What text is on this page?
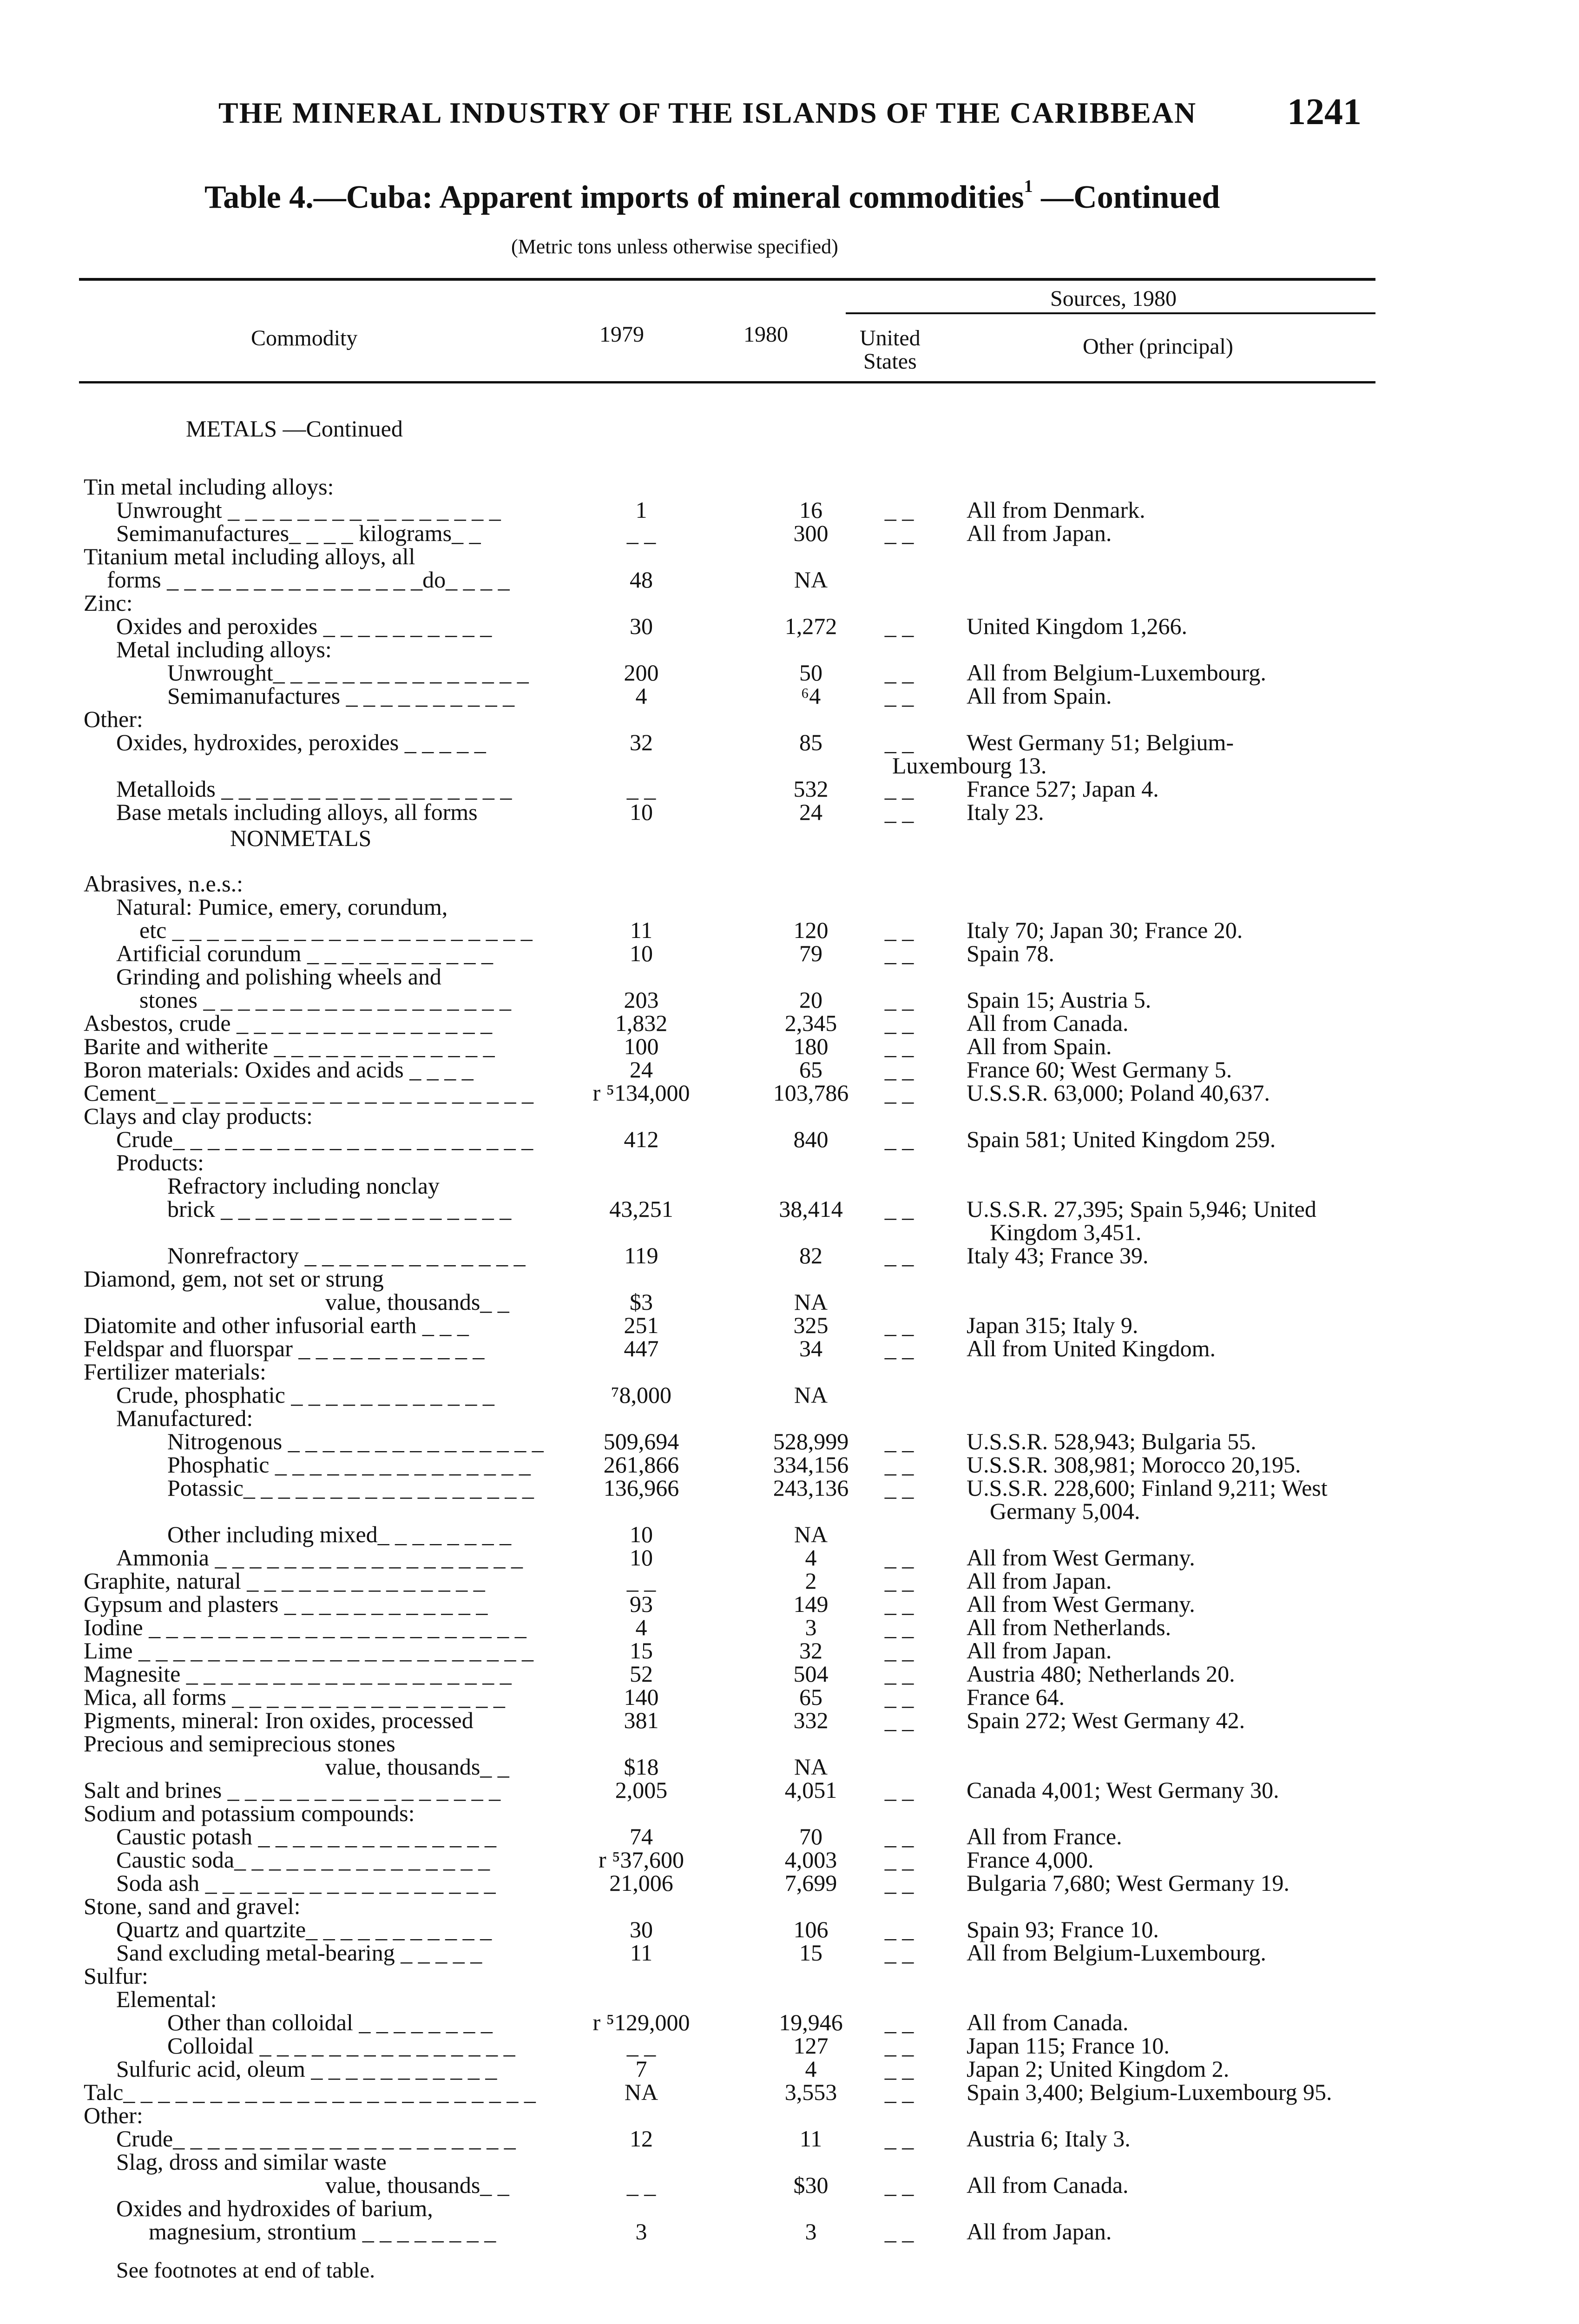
THE MINERAL INDUSTRY OF THE ISLANDS OF THE CARIBBEAN 1241
Table 4.—Cuba: Apparent imports of mineral commodities$^1$ —Continued
(Metric tons unless otherwise specified)
Commodity	1979	1980
Sources, 1980
United
States
Other (principal)
METALS —Continued
NONMETALS
Tin metal including alloys:
Unwrought _ _ _ _ _ _ _ _ _ _ _ _ _ _ _ _	1	16	_ _	All from Denmark.
Semimanufactures_ _ _ _ kilograms_ _	_ _	300	_ _	All from Japan.
Titanium metal including alloys, all
forms _ _ _ _ _ _ _ _ _ _ _ _ _ _ _do_ _ _ _	48	NA
Zinc:
Oxides and peroxides _ _ _ _ _ _ _ _ _ _	30	1,272	_ _	United Kingdom 1,266.
Metal including alloys:
Unwrought_ _ _ _ _ _ _ _ _ _ _ _ _ _ _	200	50	_ _	All from Belgium-Luxembourg.
Semimanufactures _ _ _ _ _ _ _ _ _ _	4	⁶4	_ _	All from Spain.
Other:
Oxides, hydroxides, peroxides _ _ _ _ _	32	85	_ _	West Germany 51; Belgium-
Luxembourg 13.
Metalloids _ _ _ _ _ _ _ _ _ _ _ _ _ _ _ _ _	_ _	532	_ _	France 527; Japan 4.
Base metals including alloys, all forms	10	24	_ _	Italy 23.
Abrasives, n.e.s.:
Natural: Pumice, emery, corundum,
etc _ _ _ _ _ _ _ _ _ _ _ _ _ _ _ _ _ _ _ _ _	11	120	_ _	Italy 70; Japan 30; France 20.
Artificial corundum _ _ _ _ _ _ _ _ _ _ _	10	79	_ _	Spain 78.
Grinding and polishing wheels and
stones _ _ _ _ _ _ _ _ _ _ _ _ _ _ _ _ _ _	203	20	_ _	Spain 15; Austria 5.
Asbestos, crude _ _ _ _ _ _ _ _ _ _ _ _ _ _ _	1,832	2,345	_ _	All from Canada.
Barite and witherite _ _ _ _ _ _ _ _ _ _ _ _ _	100	180	_ _	All from Spain.
Boron materials: Oxides and acids _ _ _ _	24	65	_ _	France 60; West Germany 5.
Cement_ _ _ _ _ _ _ _ _ _ _ _ _ _ _ _ _ _ _ _ _ _	r ⁵134,000	103,786	_ _	U.S.S.R. 63,000; Poland 40,637.
Clays and clay products:
Crude_ _ _ _ _ _ _ _ _ _ _ _ _ _ _ _ _ _ _ _ _	412	840	_ _	Spain 581; United Kingdom 259.
Products:
Refractory including nonclay
brick _ _ _ _ _ _ _ _ _ _ _ _ _ _ _ _ _	43,251	38,414	_ _	U.S.S.R. 27,395; Spain 5,946; United
Kingdom 3,451.
Nonrefractory _ _ _ _ _ _ _ _ _ _ _ _ _	119	82	_ _	Italy 43; France 39.
Diamond, gem, not set or strung
value, thousands_ _	$3	NA
Diatomite and other infusorial earth _ _ _	251	325	_ _	Japan 315; Italy 9.
Feldspar and fluorspar _ _ _ _ _ _ _ _ _ _ _	447	34	_ _	All from United Kingdom.
Fertilizer materials:
Crude, phosphatic _ _ _ _ _ _ _ _ _ _ _ _	⁷8,000	NA
Manufactured:
Nitrogenous _ _ _ _ _ _ _ _ _ _ _ _ _ _ _	509,694	528,999	_ _	U.S.S.R. 528,943; Bulgaria 55.
Phosphatic _ _ _ _ _ _ _ _ _ _ _ _ _ _ _	261,866	334,156	_ _	U.S.S.R. 308,981; Morocco 20,195.
Potassic_ _ _ _ _ _ _ _ _ _ _ _ _ _ _ _ _	136,966	243,136	_ _	U.S.S.R. 228,600; Finland 9,211; West
Germany 5,004.
Other including mixed_ _ _ _ _ _ _ _	10	NA
Ammonia _ _ _ _ _ _ _ _ _ _ _ _ _ _ _ _ _ _	10	4	_ _	All from West Germany.
Graphite, natural _ _ _ _ _ _ _ _ _ _ _ _ _ _	_ _	2	_ _	All from Japan.
Gypsum and plasters _ _ _ _ _ _ _ _ _ _ _ _	93	149	_ _	All from West Germany.
Iodine _ _ _ _ _ _ _ _ _ _ _ _ _ _ _ _ _ _ _ _ _ _	4	3	_ _	All from Netherlands.
Lime _ _ _ _ _ _ _ _ _ _ _ _ _ _ _ _ _ _ _ _ _ _ _	15	32	_ _	All from Japan.
Magnesite _ _ _ _ _ _ _ _ _ _ _ _ _ _ _ _ _ _ _	52	504	_ _	Austria 480; Netherlands 20.
Mica, all forms _ _ _ _ _ _ _ _ _ _ _ _ _ _ _ _	140	65	_ _	France 64.
Pigments, mineral: Iron oxides, processed	381	332	_ _	Spain 272; West Germany 42.
Precious and semiprecious stones
value, thousands_ _	$18	NA
Salt and brines _ _ _ _ _ _ _ _ _ _ _ _ _ _ _ _	2,005	4,051	_ _	Canada 4,001; West Germany 30.
Sodium and potassium compounds:
Caustic potash _ _ _ _ _ _ _ _ _ _ _ _ _ _	74	70	_ _	All from France.
Caustic soda_ _ _ _ _ _ _ _ _ _ _ _ _ _ _	r ⁵37,600	4,003	_ _	France 4,000.
Soda ash _ _ _ _ _ _ _ _ _ _ _ _ _ _ _ _ _	21,006	7,699	_ _	Bulgaria 7,680; West Germany 19.
Stone, sand and gravel:
Quartz and quartzite_ _ _ _ _ _ _ _ _ _ _	30	106	_ _	Spain 93; France 10.
Sand excluding metal-bearing _ _ _ _ _	11	15	_ _	All from Belgium-Luxembourg.
Sulfur:
Elemental:
Other than colloidal _ _ _ _ _ _ _ _	r ⁵129,000	19,946	_ _	All from Canada.
Colloidal _ _ _ _ _ _ _ _ _ _ _ _ _ _ _	_ _	127	_ _	Japan 115; France 10.
Sulfuric acid, oleum _ _ _ _ _ _ _ _ _ _ _	7	4	_ _	Japan 2; United Kingdom 2.
Talc_ _ _ _ _ _ _ _ _ _ _ _ _ _ _ _ _ _ _ _ _ _ _ _	NA	3,553	_ _	Spain 3,400; Belgium-Luxembourg 95.
Other:
Crude_ _ _ _ _ _ _ _ _ _ _ _ _ _ _ _ _ _ _ _	12	11	_ _	Austria 6; Italy 3.
Slag, dross and similar waste
value, thousands_ _	_ _	$30	_ _	All from Canada.
Oxides and hydroxides of barium,
magnesium, strontium _ _ _ _ _ _ _ _	3	3	_ _	All from Japan.
See footnotes at end of table.
